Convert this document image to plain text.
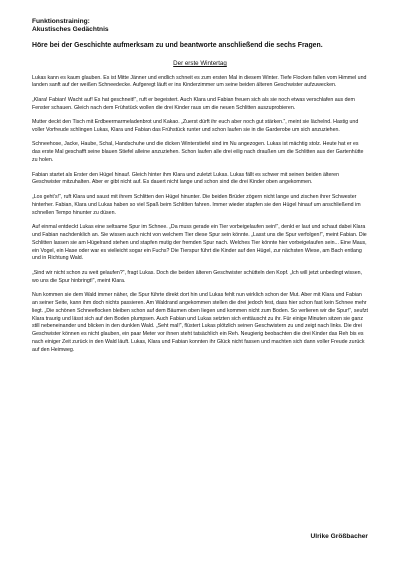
Funktionstraining:
Akustisches Gedächtnis
Höre bei der Geschichte aufmerksam zu und beantworte anschließend die sechs Fragen.
Der erste Wintertag

Lukas kann es kaum glauben. Es ist Mitte Jänner und endlich schneit es zum ersten Mal in diesem Winter. Tiefe Flocken fallen vom Himmel und landen sanft auf der weißen Schneedecke. Aufgeregt läuft er ins Kinderzimmer um seine beiden älteren Geschwister aufzuwecken.

„Klara! Fabian! Wacht auf! Es hat geschneit!“, ruft er begeistert. Auch Klara und Fabian freuen sich als sie noch etwas verschlafen aus dem Fenster schauen. Gleich nach dem Frühstück wollen die drei Kinder raus um die neuen Schlitten auszuprobieren.

Mutter deckt den Tisch mit Erdbeermarmeladenbrot und Kakao. „Zuerst dürft ihr euch aber noch gut stärken.“, meint sie lächelnd. Hastig und voller Vorfreude schlingen Lukas, Klara und Fabian das Frühstück runter und schon laufen sie in die Garderobe um sich anzuziehen.

Schneehose, Jacke, Haube, Schal, Handschuhe und die dicken Winterstiefel sind im Nu angezogen. Lukas ist mächtig stolz. Heute hat er es das erste Mal geschafft seine blauen Stiefel alleine anzuziehen. Schon laufen alle drei eilig nach draußen um die Schlitten aus der Gartenhütte zu holen.

Fabian startet als Erster den Hügel hinauf. Gleich hinter ihm Klara und zuletzt Lukas. Lukas fällt es schwer mit seinen beiden älteren Geschwister mitzuhalten. Aber er gibt nicht auf. Es dauert nicht lange und schon sind die drei Kinder oben angekommen.

„Los geht’s!“, ruft Klara und saust mit ihrem Schlitten den Hügel hinunter. Die beiden Brüder zögern nicht lange und zischen ihrer Schwester hinterher. Fabian, Klara und Lukas haben so viel Spaß beim Schlitten fahren. Immer wieder stapfen sie den Hügel hinauf um anschließend im schnellen Tempo hinunter zu düsen.

Auf einmal entdeckt Lukas eine seltsame Spur im Schnee. „Da muss gerade ein Tier vorbeigelaufen sein!“, denkt er laut und schaut dabei Klara und Fabian nachdenklich an. Sie wissen auch nicht von welchem Tier diese Spur sein könnte. „Lasst uns die Spur verfolgen!“, meint Fabian. Die Schlitten lassen sie am Hügelrand stehen und stapfen mutig der fremden Spur nach. Welches Tier könnte hier vorbeigelaufen sein... Eine Maus, ein Vogel, ein Hase oder war es vielleicht sogar ein Fuchs? Die Tierspur führt die Kinder auf den Hügel, zur nächsten Wiese, am Bach entlang und in Richtung Wald.

„Sind wir nicht schon zu weit gelaufen?“, fragt Lukas. Doch die beiden älteren Geschwister schütteln den Kopf. „Ich will jetzt unbedingt wissen, wo uns die Spur hinbringt!“, meint Klara.

Nun kommen sie dem Wald immer näher, die Spur führte direkt dort hin und Lukas fehlt nun wirklich schon der Mut. Aber mit Klara und Fabian an seiner Seite, kann ihm doch nichts passieren. Am Waldrand angekommen stellen die drei jedoch fest, dass hier schon fast kein Schnee mehr liegt. „Die schönen Schneeflocken bleiben schon auf dem Bäumen oben liegen und kommen nicht zum Boden. So verlieren wir die Spur!“, seufzt Klara traurig und lässt sich auf den Boden plumpsen. Auch Fabian und Lukas setzten sich enttäuscht zu ihr. Für einige Minuten sitzen sie ganz still nebeneinander und blicken in den dunklen Wald. „Seht mal!“, flüstert Lukas plötzlich seinen Geschwistern zu und zeigt nach links. Die drei Geschwister können es nicht glauben, ein paar Meter vor ihnen steht tatsächlich ein Reh. Neugierig beobachten die drei Kinder das Reh bis es nach einiger Zeit zurück in den Wald läuft. Lukas, Klara und Fabian konnten ihr Glück nicht fassen und machten sich dann voller Freude zurück auf den Heimweg.

Ulrike Größbacher
